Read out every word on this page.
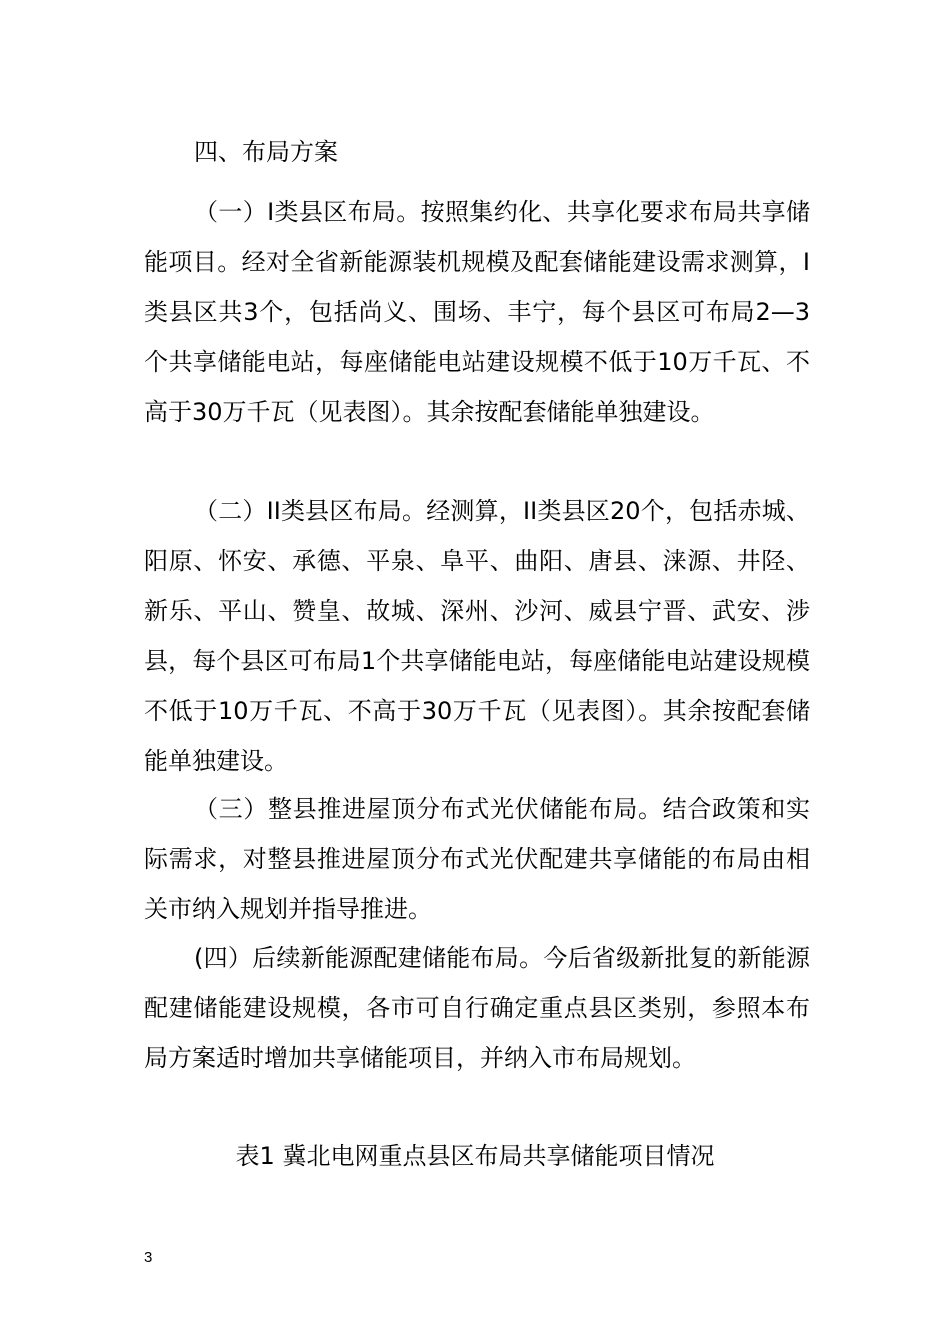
四、布局方案

（一）I类县区布局。按照集约化、共享化要求布局共享储能项目。经对全省新能源装机规模及配套储能建设需求测算，I类县区共3个，包括尚义、围场、丰宁，每个县区可布局2—3个共享储能电站，每座储能电站建设规模不低于10万千瓦、不高于30万千瓦（见表图）。其余按配套储能单独建设。

（二）II类县区布局。经测算，II类县区20个，包括赤城、阳原、怀安、承德、平泉、阜平、曲阳、唐县、涞源、井陉、新乐、平山、赞皇、故城、深州、沙河、威县宁晋、武安、涉县，每个县区可布局1个共享储能电站，每座储能电站建设规模不低于10万千瓦、不高于30万千瓦（见表图）。其余按配套储能单独建设。

（三）整县推进屋顶分布式光伏储能布局。结合政策和实际需求，对整县推进屋顶分布式光伏配建共享储能的布局由相关市纳入规划并指导推进。

(四）后续新能源配建储能布局。今后省级新批复的新能源配建储能建设规模，各市可自行确定重点县区类别，参照本布局方案适时增加共享储能项目，并纳入市布局规划。

表1 冀北电网重点县区布局共享储能项目情况

3
